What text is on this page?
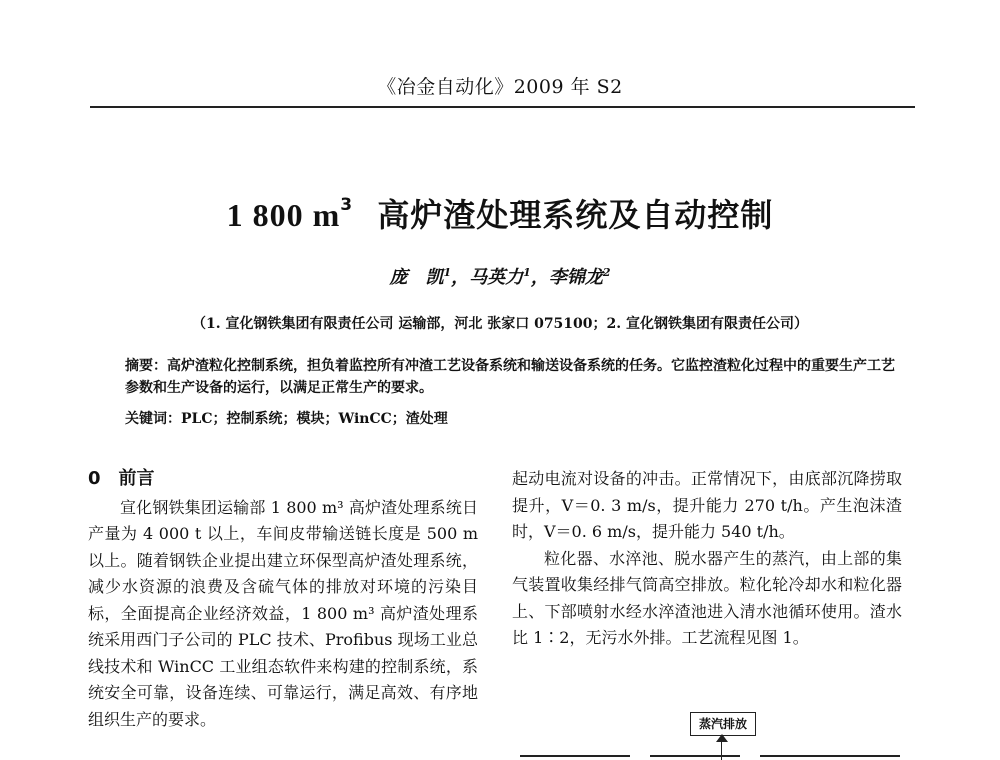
《冶金自动化》2009 年 S2
1 800 $m^3$ 高炉渣处理系统及自动控制
庞　凯$^1$，马英力$^1$，李锦龙$^2$
（1. 宣化钢铁集团有限责任公司 运输部，河北 张家口 075100；2. 宣化钢铁集团有限责任公司）
摘要：高炉渣粒化控制系统，担负着监控所有冲渣工艺设备系统和输送设备系统的任务。它监控渣粒化过程中的重要生产工艺参数和生产设备的运行，以满足正常生产的要求。
关键词：PLC；控制系统；模块；WinCC；渣处理
0　前言

宣化钢铁集团运输部 1 800 m³ 高炉渣处理系统日产量为 4 000 t 以上，车间皮带输送链长度是 500 m 以上。随着钢铁企业提出建立环保型高炉渣处理系统，减少水资源的浪费及含硫气体的排放对环境的污染目标，全面提高企业经济效益，1 800 m³ 高炉渣处理系统采用西门子公司的 PLC 技术、Profibus 现场工业总线技术和 WinCC 工业组态软件来构建的控制系统，系统安全可靠，设备连续、可靠运行，满足高效、有序地组织生产的要求。

起动电流对设备的冲击。正常情况下，由底部沉降捞取提升，V＝0. 3 m/s，提升能力 270 t/h。产生泡沫渣时，V＝0. 6 m/s，提升能力 540 t/h。

粒化器、水淬池、脱水器产生的蒸汽，由上部的集气装置收集经排气筒高空排放。粒化轮冷却水和粒化器上、下部喷射水经水淬渣池进入清水池循环使用。渣水比 1∶2，无污水外排。工艺流程见图 1。

蒸汽排放
